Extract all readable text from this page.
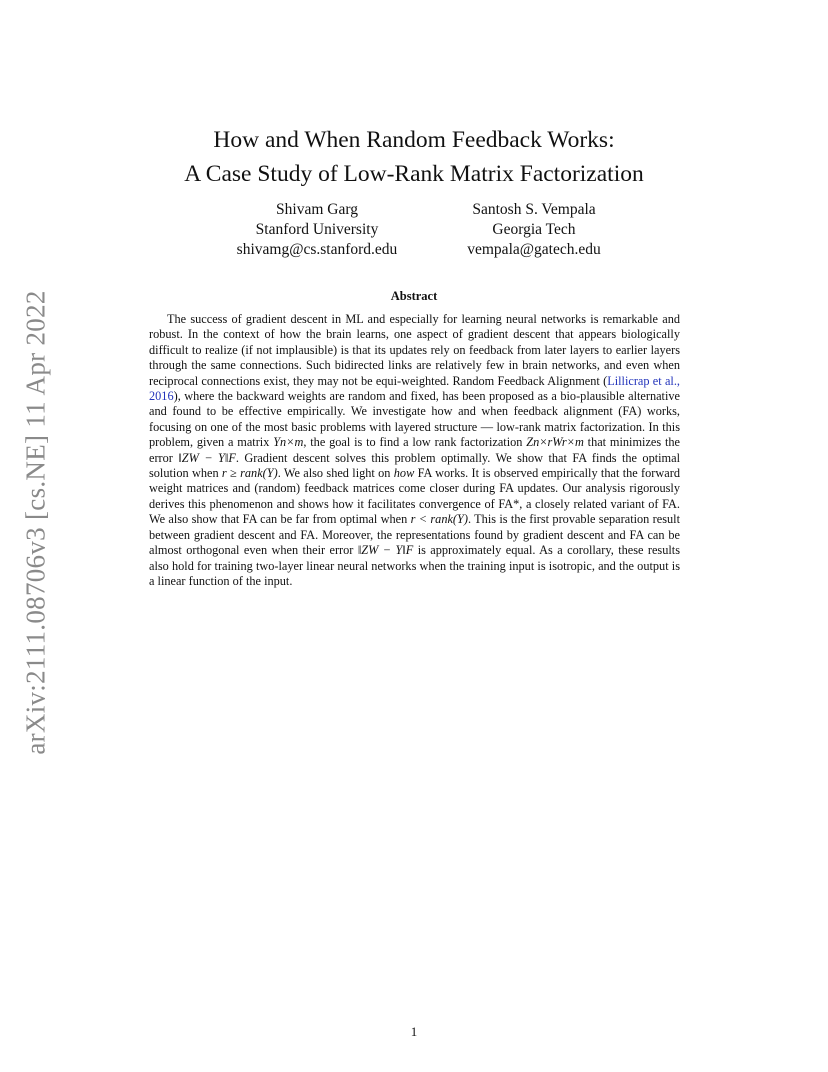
arXiv:2111.08706v3 [cs.NE] 11 Apr 2022
How and When Random Feedback Works:
A Case Study of Low-Rank Matrix Factorization
Shivam Garg
Stanford University
shivamg@cs.stanford.edu
Santosh S. Vempala
Georgia Tech
vempala@gatech.edu
Abstract
The success of gradient descent in ML and especially for learning neural networks is remarkable and robust. In the context of how the brain learns, one aspect of gradient descent that appears biologically difficult to realize (if not implausible) is that its updates rely on feedback from later layers to earlier layers through the same connections. Such bidirected links are relatively few in brain networks, and even when reciprocal connections exist, they may not be equi-weighted. Random Feedback Alignment (Lillicrap et al., 2016), where the backward weights are random and fixed, has been proposed as a bio-plausible alternative and found to be effective empirically. We investigate how and when feedback alignment (FA) works, focusing on one of the most basic problems with layered structure — low-rank matrix factorization. In this problem, given a matrix Yn×m, the goal is to find a low rank factorization Zn×rWr×m that minimizes the error ‖ZW − Y‖F. Gradient descent solves this problem optimally. We show that FA finds the optimal solution when r ≥ rank(Y). We also shed light on how FA works. It is observed empirically that the forward weight matrices and (random) feedback matrices come closer during FA updates. Our analysis rigorously derives this phenomenon and shows how it facilitates convergence of FA*, a closely related variant of FA. We also show that FA can be far from optimal when r < rank(Y). This is the first provable separation result between gradient descent and FA. Moreover, the representations found by gradient descent and FA can be almost orthogonal even when their error ‖ZW − Y‖F is approximately equal. As a corollary, these results also hold for training two-layer linear neural networks when the training input is isotropic, and the output is a linear function of the input.
1
